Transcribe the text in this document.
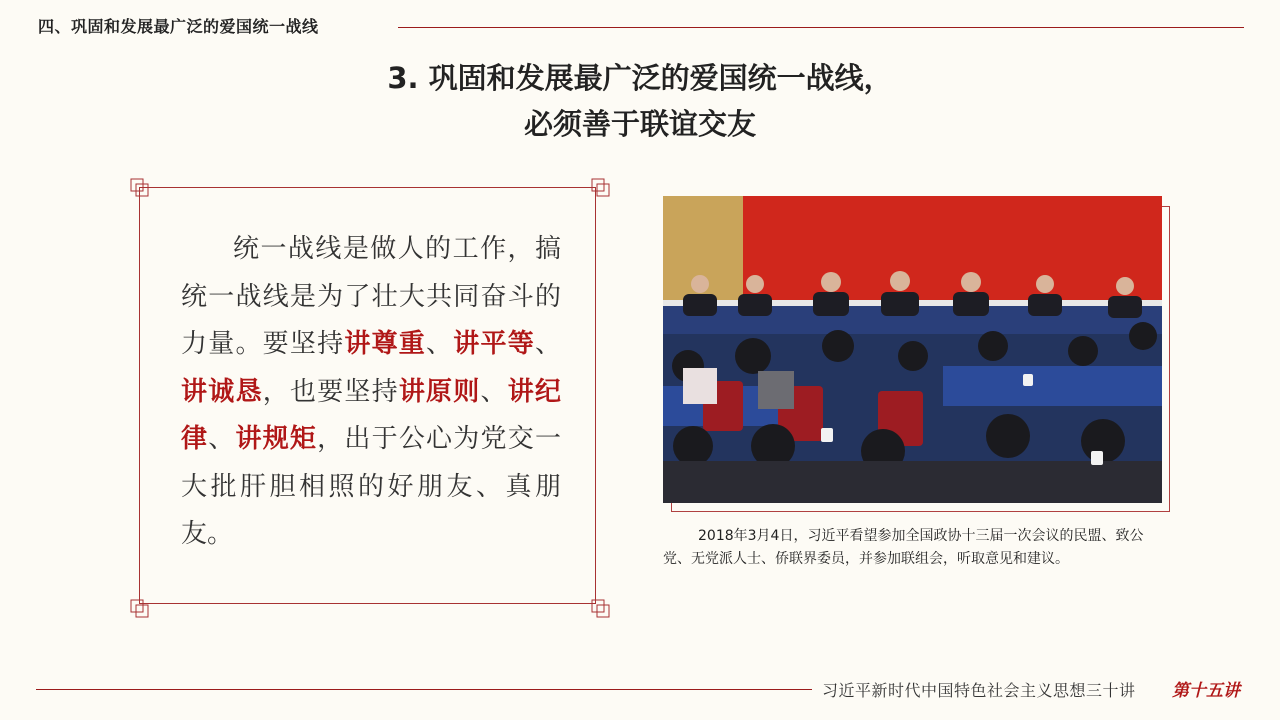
四、巩固和发展最广泛的爱国统一战线
3. 巩固和发展最广泛的爱国统一战线，
必须善于联谊交友
统一战线是做人的工作，搞统一战线是为了壮大共同奋斗的力量。要坚持讲尊重、讲平等、讲诚恳，也要坚持讲原则、讲纪律、讲规矩，出于公心为党交一大批肝胆相照的好朋友、真朋友。	2018年3月4日，习近平看望参加全国政协十三届一次会议的民盟、致公党、无党派人士、侨联界委员，并参加联组会，听取意见和建议。
习近平新时代中国特色社会主义思想三十讲 第十五讲
